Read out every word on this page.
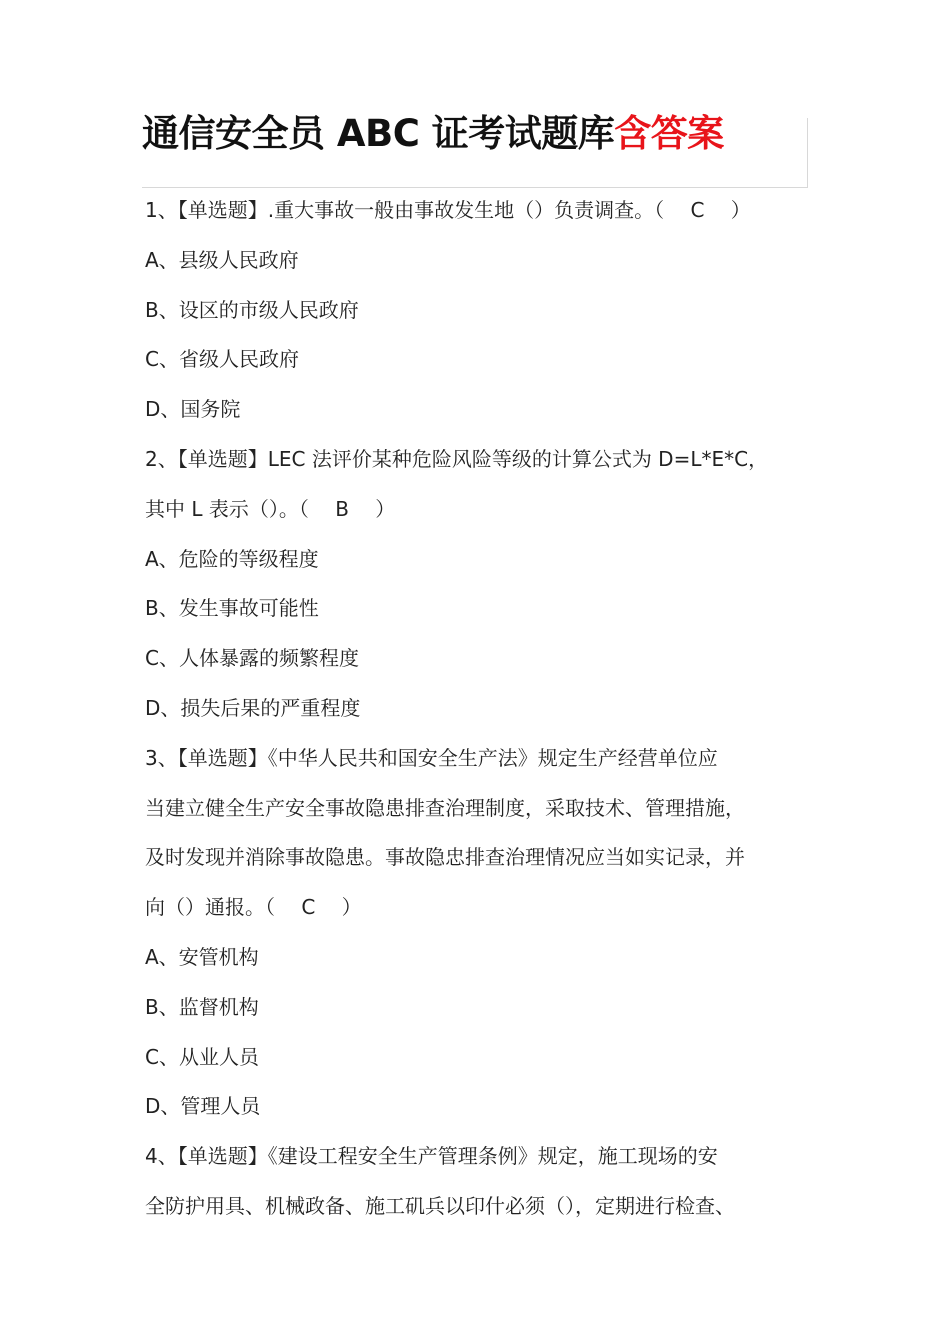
通信安全员 ABC 证考试题库含答案
1、【单选题】.重大事故一般由事故发生地（）负责调查。（　 C 　）
A、县级人民政府
B、设区的市级人民政府
C、省级人民政府
D、国务院
2、【单选题】LEC 法评价某种危险风险等级的计算公式为 D=L*E*C，
其中 L 表示（）。（　 B 　）
A、危险的等级程度
B、发生事故可能性
C、人体暴露的频繁程度
D、损失后果的严重程度
3、【单选题】《中华人民共和国安全生产法》规定生产经营单位应
当建立健全生产安全事故隐患排查治理制度，采取技术、管理措施，
及时发现并消除事故隐患。事故隐忠排查治理情况应当如实记录，并
向（）通报。（　 C 　）
A、安管机构
B、监督机构
C、从业人员
D、管理人员
4、【单选题】《建设工程安全生产管理条例》规定，施工现场的安
全防护用具、机械政备、施工矶兵以印什必须（），定期进行检查、
